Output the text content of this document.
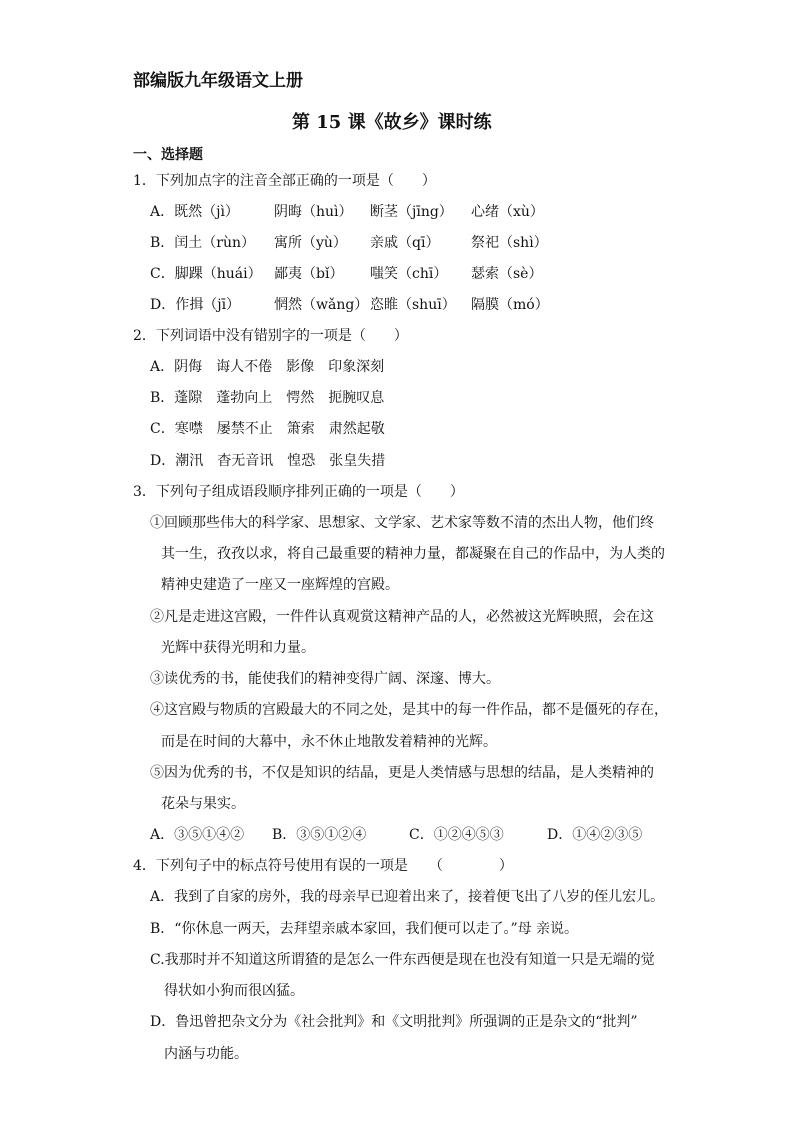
部编版九年级语文上册
第 15 课《故乡》课时练
一、选择题
1．下列加点字的注音全部正确的一项是（　　）
A．既然（jì）	阴晦（huì） 断茎（jīng） 心绪（xù）
B．闰土（rùn） 寓所（yù） 亲戚（qī） 祭祀（shì）
C．脚踝（huái） 鄙夷（bǐ） 嗤笑（chī） 瑟索（sè）
D．作揖（jī） 惘然（wǎng） 恣睢（shuī） 隔膜（mó）
2．下列词语中没有错别字的一项是（　　）
A．阴侮　诲人不倦　影像　印象深刻
B．蓬隙　蓬勃向上　愕然　扼腕叹息
C．寒噤　屡禁不止　箫索　肃然起敬
D．潮汛　杳无音讯　惶恐　张皇失措
3．下列句子组成语段顺序排列正确的一项是（　　）
①回顾那些伟大的科学家、思想家、文学家、艺术家等数不清的杰出人物，他们终
其一生，孜孜以求，将自己最重要的精神力量，都凝聚在自己的作品中，为人类的
精神史建造了一座又一座辉煌的宫殿。
②凡是走进这宫殿，一件件认真观赏这精神产品的人，必然被这光辉映照，会在这
光辉中获得光明和力量。
③读优秀的书，能使我们的精神变得广阔、深邃、博大。
④这宫殿与物质的宫殿最大的不同之处，是其中的每一件作品，都不是僵死的存在，
而是在时间的大幕中，永不休止地散发着精神的光辉。
⑤因为优秀的书，不仅是知识的结晶，更是人类情感与思想的结晶，是人类精神的
花朵与果实。
A．③⑤①④② B．③⑤①②④	C．①②④⑤③	D．①④②③⑤
4．下列句子中的标点符号使用有误的一项是　　（　　　　）
A．我到了自家的房外，我的母亲早已迎着出来了，接着便飞出了八岁的侄儿宏儿。
B．“你休息一两天，去拜望亲戚本家回，我们便可以走了。”母 亲说。
C.我那时并不知道这所谓猹的是怎么一件东西便是现在也没有知道一只是无端的觉
得状如小狗而很凶猛。
D．鲁迅曾把杂文分为《社会批判》和《文明批判》所强调的正是杂文的“批判”
内涵与功能。
